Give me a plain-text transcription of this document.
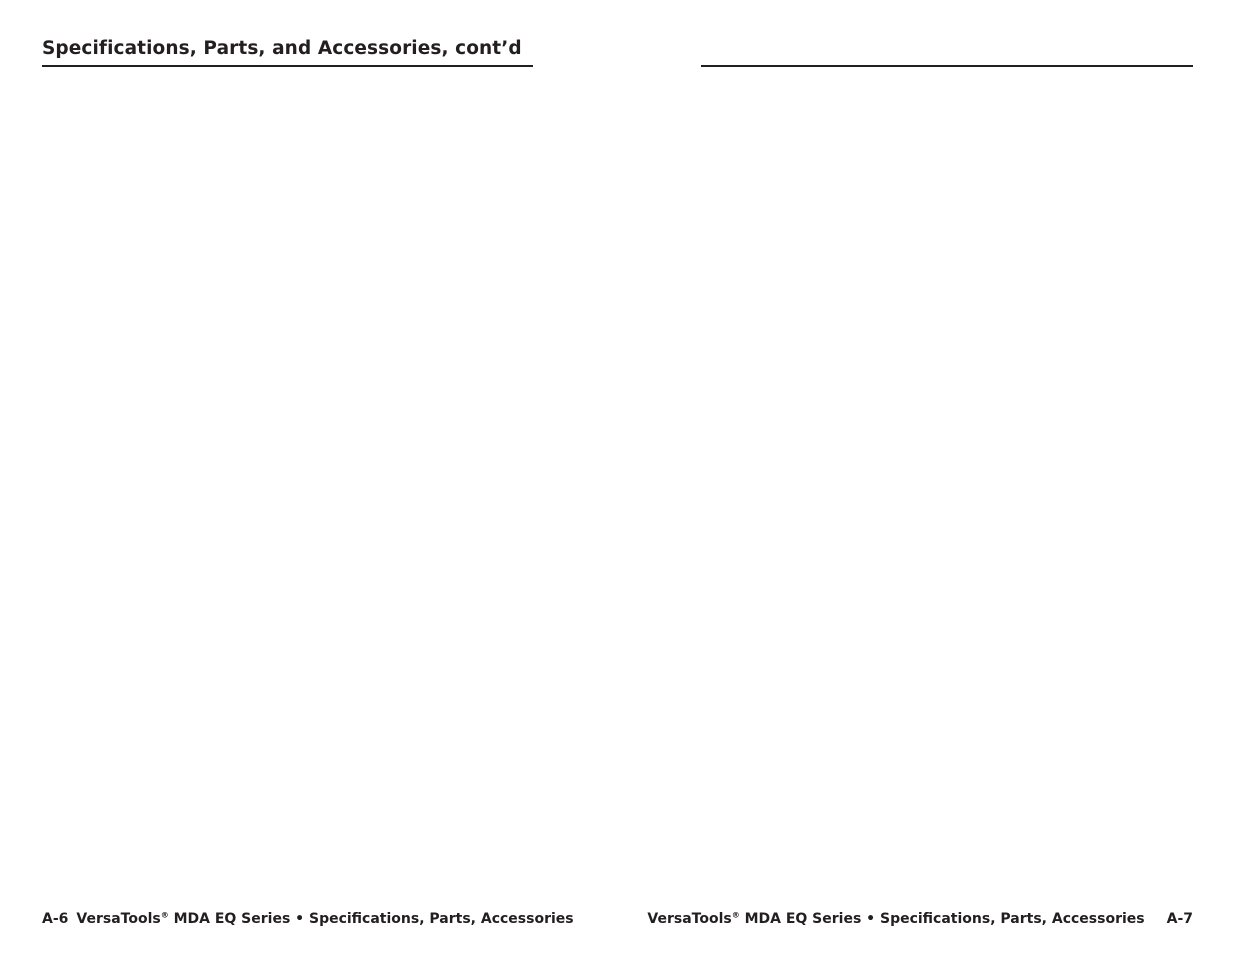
Specifications, Parts, and Accessories, cont’d
A-6 VersaTools® MDA EQ Series • Specifications, Parts, Accessories	VersaTools® MDA EQ Series • Specifications, Parts, Accessories A-7
